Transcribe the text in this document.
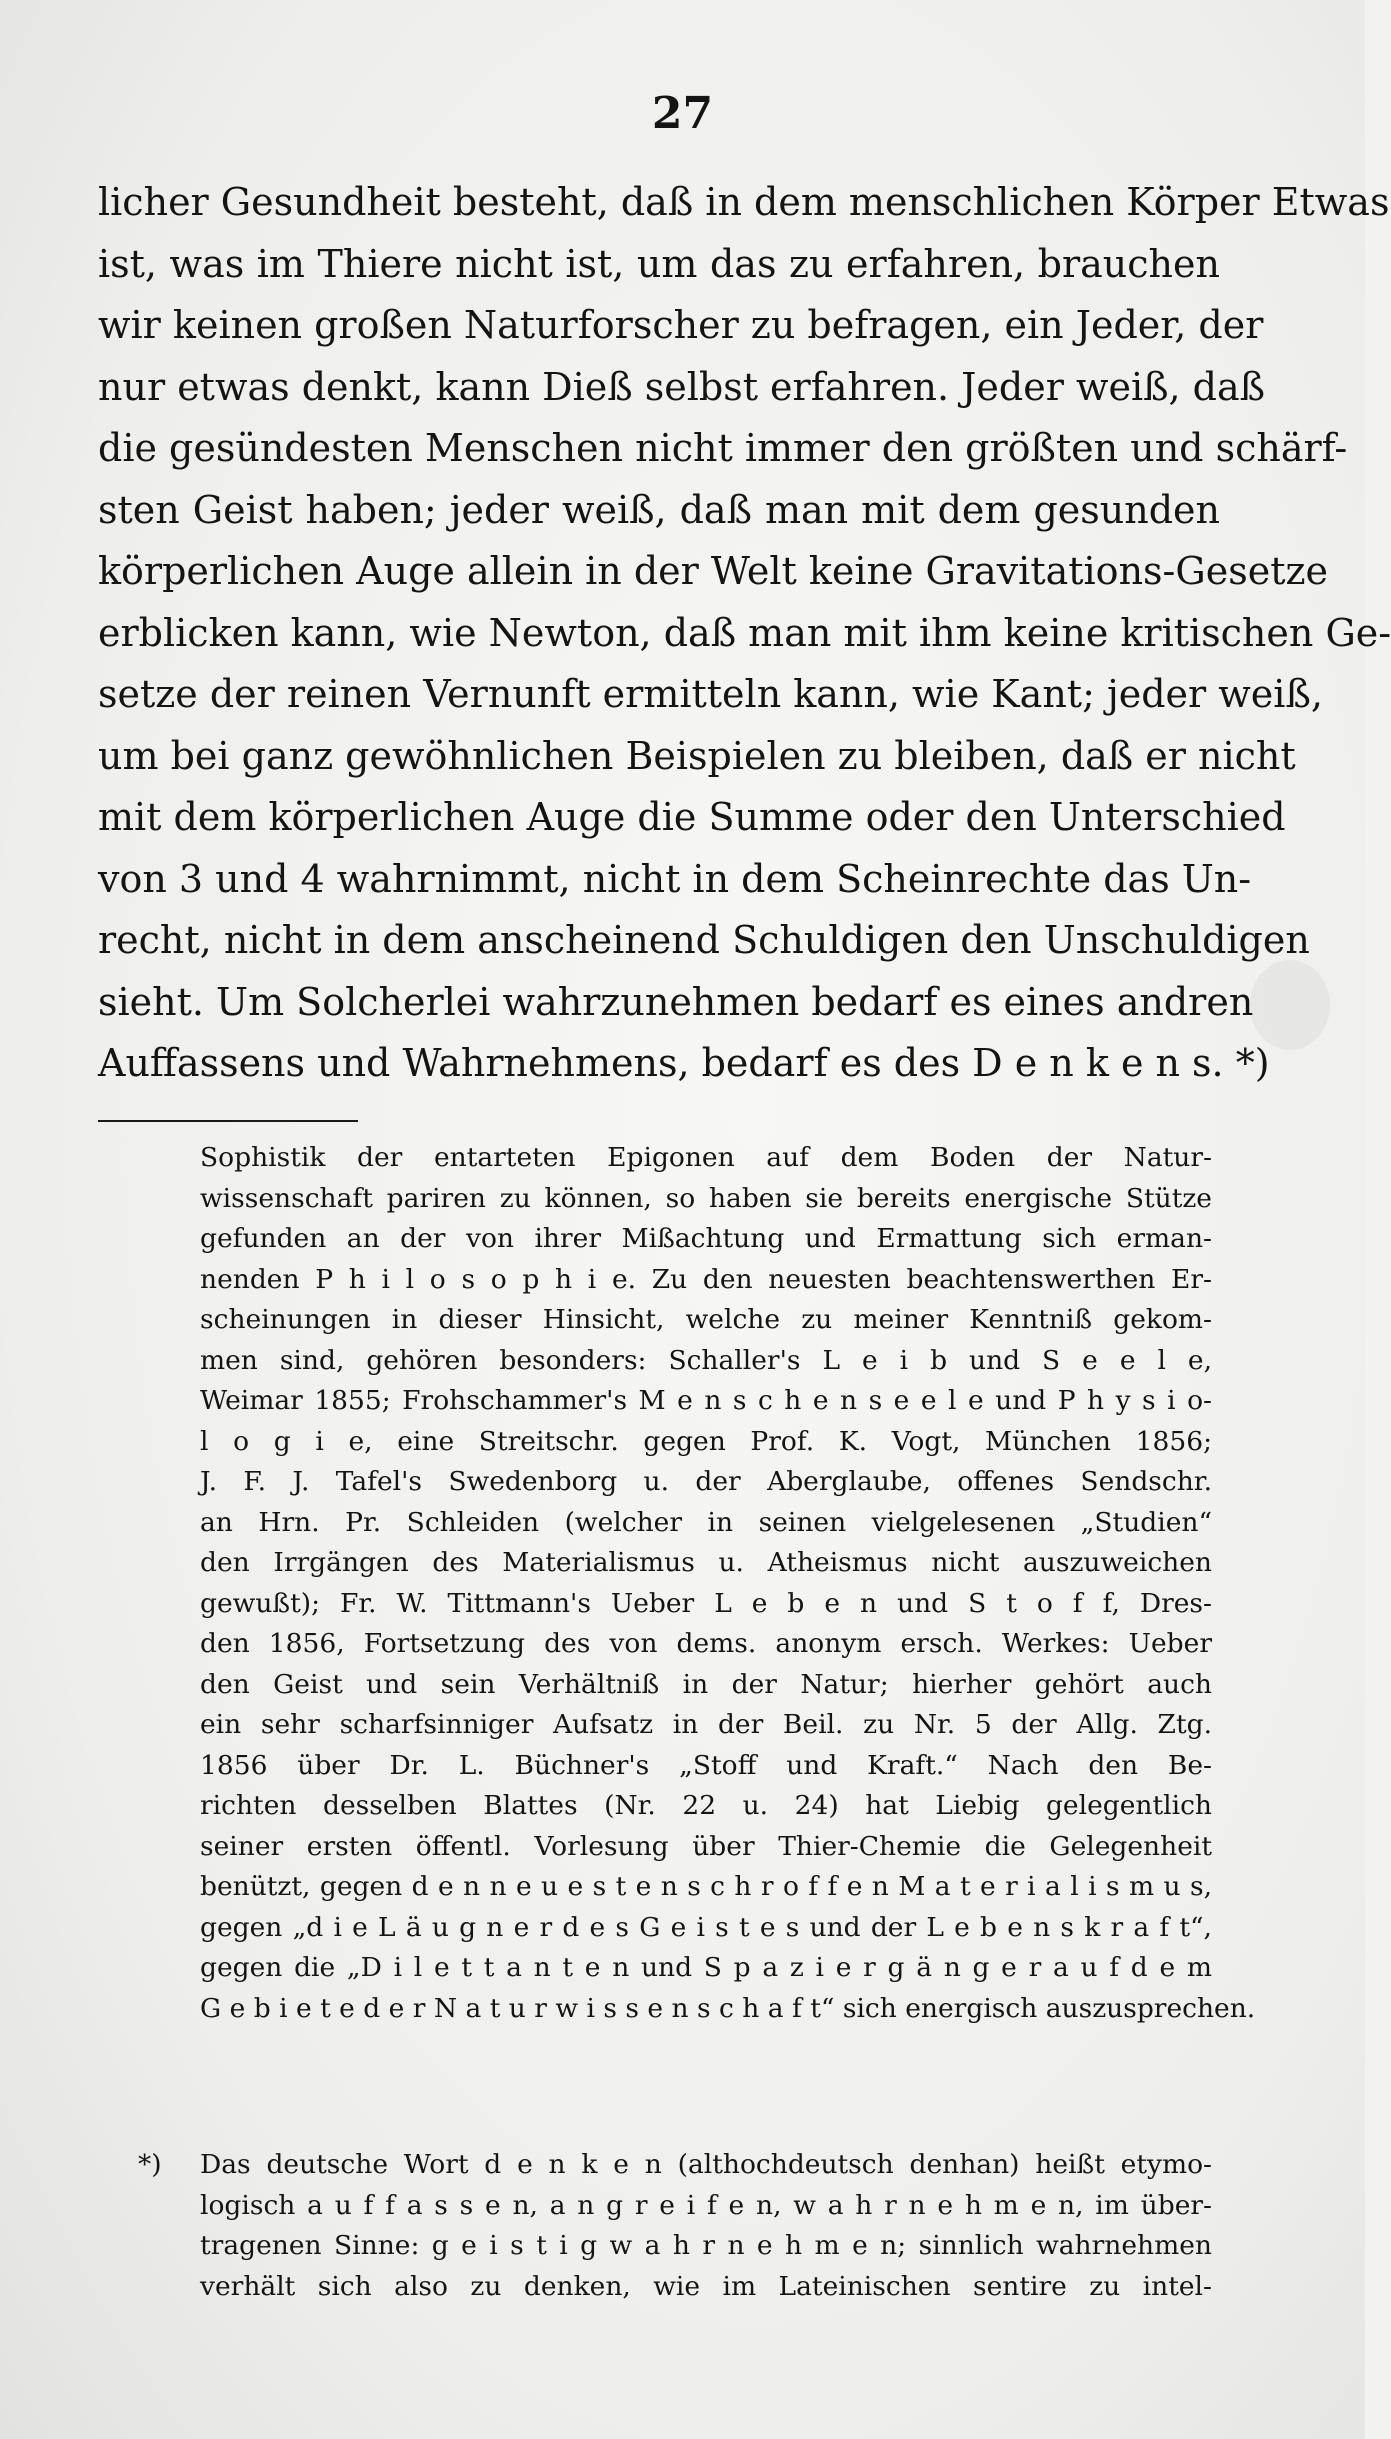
27
licher Gesundheit besteht, daß in dem menschlichen Körper Etwas
ist, was im Thiere nicht ist, um das zu erfahren, brauchen
wir keinen großen Naturforscher zu befragen, ein Jeder, der
nur etwas denkt, kann Dieß selbst erfahren. Jeder weiß, daß
die gesündesten Menschen nicht immer den größten und schärf-
sten Geist haben; jeder weiß, daß man mit dem gesunden
körperlichen Auge allein in der Welt keine Gravitations-Gesetze
erblicken kann, wie Newton, daß man mit ihm keine kritischen Ge-
setze der reinen Vernunft ermitteln kann, wie Kant; jeder weiß,
um bei ganz gewöhnlichen Beispielen zu bleiben, daß er nicht
mit dem körperlichen Auge die Summe oder den Unterschied
von 3 und 4 wahrnimmt, nicht in dem Scheinrechte das Un-
recht, nicht in dem anscheinend Schuldigen den Unschuldigen
sieht. Um Solcherlei wahrzunehmen bedarf es eines andren
Auffassens und Wahrnehmens, bedarf es des D e n k e n s. *)
Sophistik der entarteten Epigonen auf dem Boden der Natur-
wissenschaft pariren zu können, so haben sie bereits energische Stütze
gefunden an der von ihrer Mißachtung und Ermattung sich erman-
nenden P h i l o s o p h i e. Zu den neuesten beachtenswerthen Er-
scheinungen in dieser Hinsicht, welche zu meiner Kenntniß gekom-
men sind, gehören besonders: Schaller's L e i b und S e e l e,
Weimar 1855; Frohschammer's M e n s c h e n s e e l e und P h y s i o-
l o g i e, eine Streitschr. gegen Prof. K. Vogt, München 1856;
J. F. J. Tafel's Swedenborg u. der Aberglaube, offenes Sendschr.
an Hrn. Pr. Schleiden (welcher in seinen vielgelesenen „Studien“
den Irrgängen des Materialismus u. Atheismus nicht auszuweichen
gewußt); Fr. W. Tittmann's Ueber L e b e n und S t o f f, Dres-
den 1856, Fortsetzung des von dems. anonym ersch. Werkes: Ueber
den Geist und sein Verhältniß in der Natur; hierher gehört auch
ein sehr scharfsinniger Aufsatz in der Beil. zu Nr. 5 der Allg. Ztg.
1856 über Dr. L. Büchner's „Stoff und Kraft.“ Nach den Be-
richten desselben Blattes (Nr. 22 u. 24) hat Liebig gelegentlich
seiner ersten öffentl. Vorlesung über Thier-Chemie die Gelegenheit
benützt, gegen d e n n e u e s t e n s c h r o f f e n M a t e r i a l i s m u s,
gegen „d i e L ä u g n e r d e s G e i s t e s und der L e b e n s k r a f t“,
gegen die „D i l e t t a n t e n und S p a z i e r g ä n g e r a u f d e m
G e b i e t e d e r N a t u r w i s s e n s c h a f t“ sich energisch auszusprechen.
*) Das deutsche Wort d e n k e n (althochdeutsch denhan) heißt etymo-
logisch a u f f a s s e n, a n g r e i f e n, w a h r n e h m e n, im über-
tragenen Sinne: g e i s t i g w a h r n e h m e n; sinnlich wahrnehmen
verhält sich also zu denken, wie im Lateinischen sentire zu intel-
